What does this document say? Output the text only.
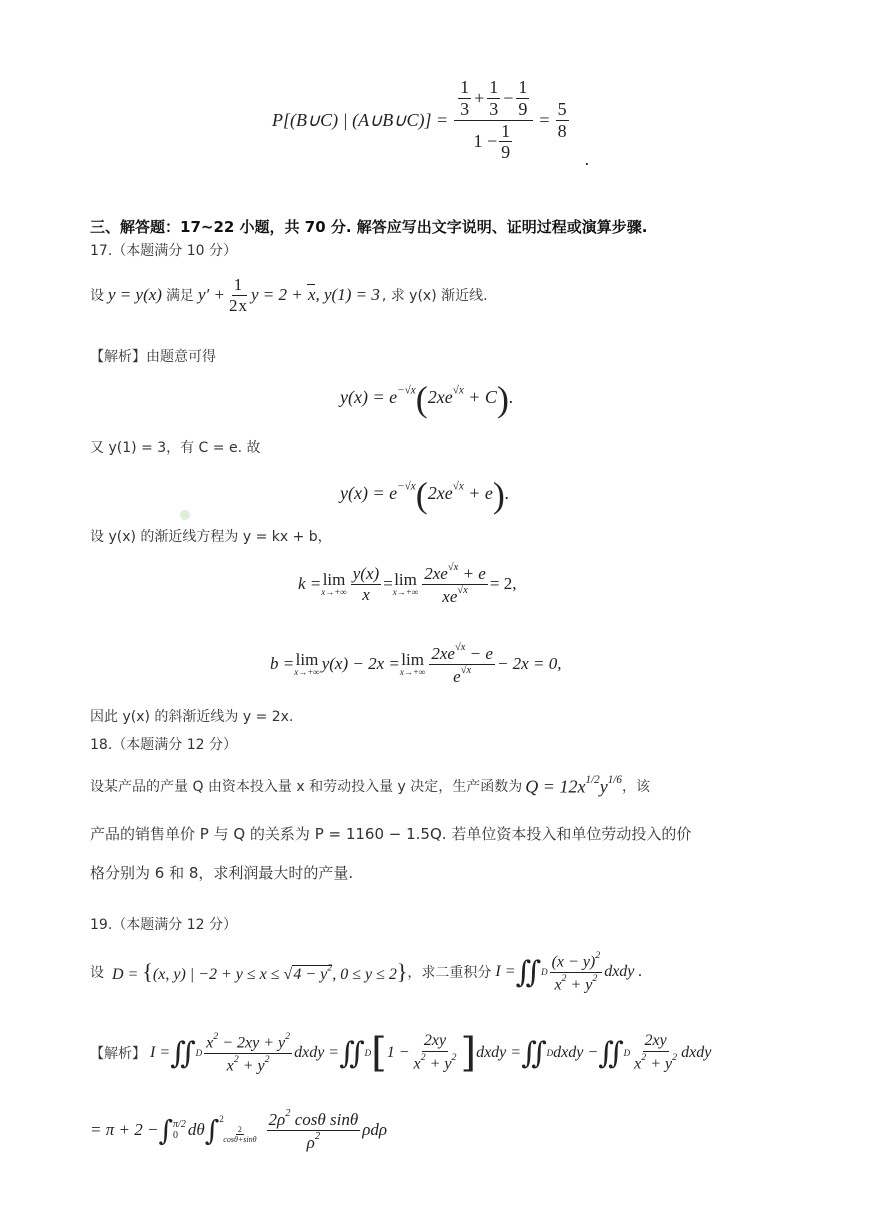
P[(B∪C) | (A∪B∪C)] = $\frac{\frac{1}{3} + \frac{1}{3} - \frac{1}{9}}{1 - \frac{1}{9}} = \frac{5}{8}$
.
三、解答题：17~22 小题，共 70 分. 解答应写出文字说明、证明过程或演算步骤.
17.（本题满分 10 分）
设 y = y(x) 满足 $y' + \frac{1}{2x}$ y = 2 + x, y(1) = 3 , 求 y(x) 渐近线.
【解析】由题意可得
$y(x) = e^{-√x}(2xe^{√x} + C)$.
又 y(1) = 3，有 C = e. 故
$y(x) = e^{-√x}(2xe^{√x} + e)$.
设 y(x) 的渐近线方程为 y = kx + b，
k = lim
$x\to+\infty \frac{y(x)}{x} = \lim$
$x\to+\infty \frac{2xe^{√x} + e}{xe^{√x}} = 2$,
b = lim
x→+∞ y(x) − 2x = lim
$x\to+\infty \frac{2xe^{√x} - e}{e^{√x}} - 2x = 0$,
因此 y(x) 的斜渐近线为 y = 2x.
18.（本题满分 12 分）
设某产品的产量 Q 由资本投入量 x 和劳动投入量 y 决定，生产函数为 $Q = 12x^{1/2}y^{1/6}$ ，该
产品的销售单价 P 与 Q 的关系为 P = 1160 − 1.5Q. 若单位资本投入和单位劳动投入的价
格分别为 6 和 8，求利润最大时的产量.
19.（本题满分 12 分）
设 D = {(x, y) | $-2 + y \le x \le √4 - y^2$, 0 ≤ y ≤ 2} ，求二重积分 I = ∬ D $\frac{(x - y)^2}{x^2 + y^2}$ dxdy .
【解析】 I = ∬ D $\frac{x^2 - 2xy + y^2}{x^2 + y^2}$ dxdy = ∬ D [ $1 - \frac{2xy}{x^2 + y^2}$ ] dxdy = ∬ D dxdy − ∬ D $\frac{2xy}{x^2 + y^2}$ dxdy
= π + 2 − ∫ π/2
0 dθ ∫ 2
$\frac{2}{\cos\theta+\sin\theta} \frac{2\rho^2 \cos\theta \sin\theta}{\rho^2}$ ρdρ
